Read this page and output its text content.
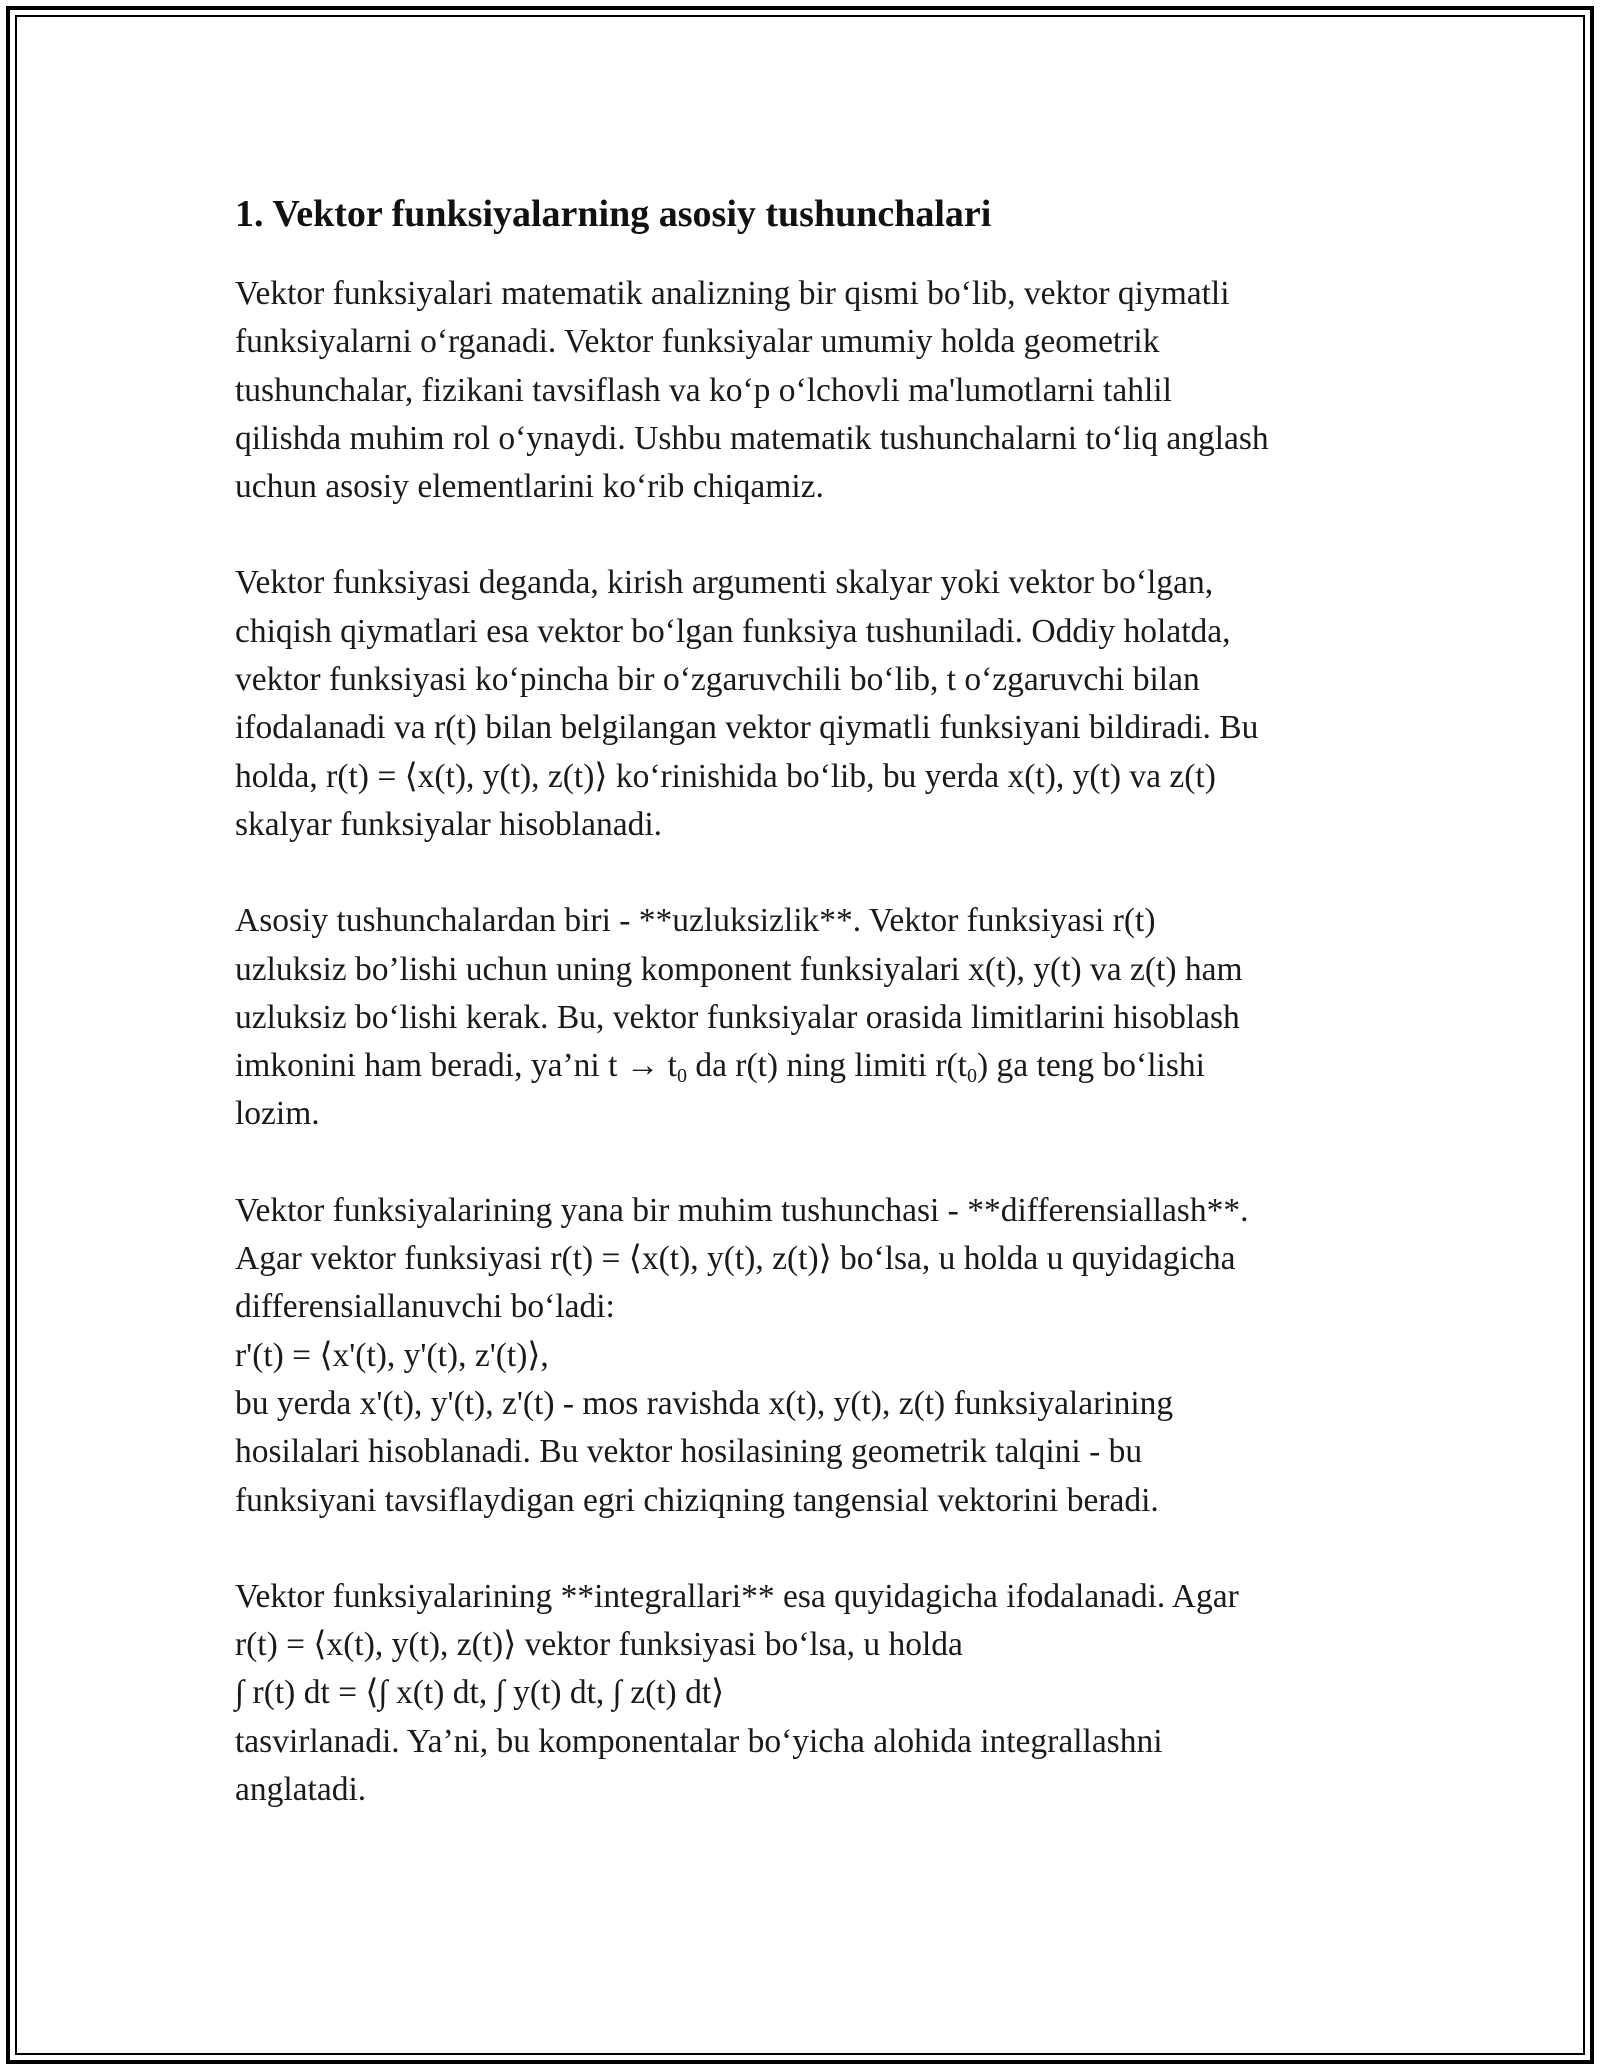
1. Vektor funksiyalarning asosiy tushunchalari

Vektor funksiyalari matematik analizning bir qismi bo‘lib, vektor qiymatli
funksiyalarni o‘rganadi. Vektor funksiyalar umumiy holda geometrik
tushunchalar, fizikani tavsiflash va ko‘p o‘lchovli ma'lumotlarni tahlil
qilishda muhim rol o‘ynaydi. Ushbu matematik tushunchalarni to‘liq anglash
uchun asosiy elementlarini ko‘rib chiqamiz.

Vektor funksiyasi deganda, kirish argumenti skalyar yoki vektor bo‘lgan,
chiqish qiymatlari esa vektor bo‘lgan funksiya tushuniladi. Oddiy holatda,
vektor funksiyasi ko‘pincha bir o‘zgaruvchili bo‘lib, t o‘zgaruvchi bilan
ifodalanadi va r(t) bilan belgilangan vektor qiymatli funksiyani bildiradi. Bu
holda, r(t) = ⟨x(t), y(t), z(t)⟩ ko‘rinishida bo‘lib, bu yerda x(t), y(t) va z(t)
skalyar funksiyalar hisoblanadi.

Asosiy tushunchalardan biri - **uzluksizlik**. Vektor funksiyasi r(t)
uzluksiz bo’lishi uchun uning komponent funksiyalari x(t), y(t) va z(t) ham
uzluksiz bo‘lishi kerak. Bu, vektor funksiyalar orasida limitlarini hisoblash
imkonini ham beradi, ya’ni $t \to t_0$ da r(t) ning limiti $r(t_0)$ ga teng bo‘lishi
lozim.

Vektor funksiyalarining yana bir muhim tushunchasi - **differensiallash**.
Agar vektor funksiyasi r(t) = ⟨x(t), y(t), z(t)⟩ bo‘lsa, u holda u quyidagicha
differensiallanuvchi bo‘ladi:
r'(t) = ⟨x'(t), y'(t), z'(t)⟩,
bu yerda x'(t), y'(t), z'(t) - mos ravishda x(t), y(t), z(t) funksiyalarining
hosilalari hisoblanadi. Bu vektor hosilasining geometrik talqini - bu
funksiyani tavsiflaydigan egri chiziqning tangensial vektorini beradi.

Vektor funksiyalarining **integrallari** esa quyidagicha ifodalanadi. Agar
r(t) = ⟨x(t), y(t), z(t)⟩ vektor funksiyasi bo‘lsa, u holda
∫ r(t) dt = ⟨∫ x(t) dt, ∫ y(t) dt, ∫ z(t) dt⟩
tasvirlanadi. Ya’ni, bu komponentalar bo‘yicha alohida integrallashni
anglatadi.
